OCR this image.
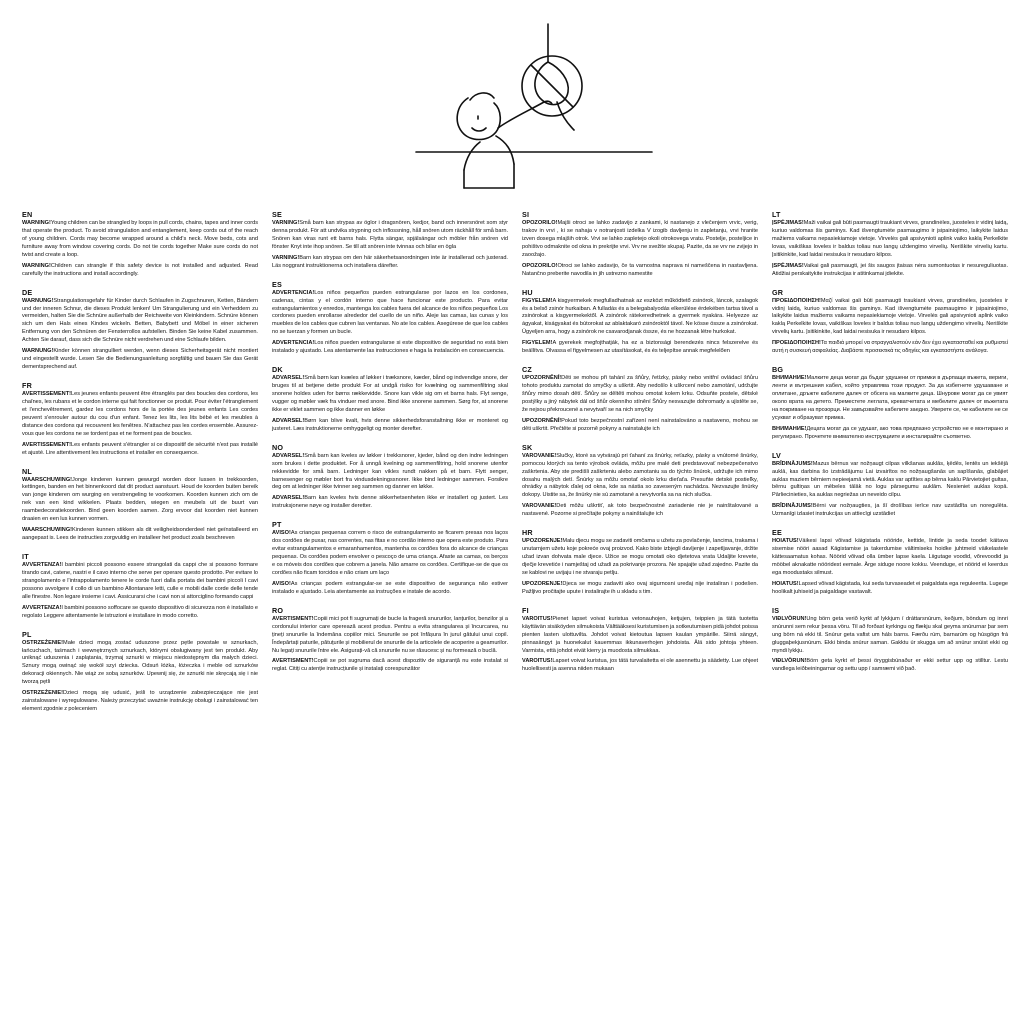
EN

WARNING!Young children can be strangled by loops in pull cords, chains, tapes and inner cords that operate the product. To avoid strangulation and entanglement, keep cords out of the reach of young children. Cords may become wrapped around a child's neck. Move beds, cots and furniture away from window covering cords. Do not tie cords together Make sure cords do not twist and create a loop.

WARNING!Children can strangle if this safety device is not installed and adjusted. Read carefully the instructions and install accordingly.

DE

WARNUNG!Strangulationsgefahr für Kinder durch Schlaufen in Zugschnuren, Ketten, Bändern und der inneren Schnur, die dieses Produkt lenken! Um Strangulierung und ein Verheddern zu vermeiden, halten Sie die Schnüre außerhalb der Reichweite von Kleinkindern. Schnüre können sich um den Hals eines Kindes wickeln. Betten, Babybett und Möbel in einer sicheren Entfernung von den Schnüren der Fensterrollos aufstellen. Binden Sie keine Kabel zusammen. Achten Sie darauf, dass sich die Schnüre nicht verdrehen und eine Schlaufe bilden.

WARNUNG!Kinder können strangulliert werden, wenn dieses Sicherheitsgerät nicht montiert und eingestellt wurde. Lesen Sie die Bedienungsanleitung sorgfältig und bauen Sie das Gerät dementsprechend auf.

FR

AVERTISSEMENT!Les jeunes enfants peuvent être étranglés par des boucles des cordons, les chaînes, les rubans et le cordon interne qui fait fonctionner ce produit. Pour éviter l'étranglement et l'enchevêtrement, gardez les cordons hors de la portée des jeunes enfants Les cordes peuvent s'enrouler autour du cou d'un enfant. Tenez les lits, les lits bébé et les meubles à distance des cordons qui recouvrent les fenêtres. N'attachez pas les cordes ensemble. Assurez-vous que les cordons ne se tordent pas et ne forment pas de boucles.

AVERTISSEMENT!Les enfants peuvent s'étrangler si ce dispositif de sécurité n'est pas installé et ajusté. Lire attentivement les instructions et installer en consequence.

NL

WAARSCHUWING!Jonge kinderen kunnen gewurgd worden door lussen in trekkoorden, kettingen, banden en het binnenkoord dat dit product aanstuurt. Houd de koorden buiten bereik van jonge kinderen om wurging en verstrengeling te voorkomen. Koorden kunnen zich om de nek van een kind wikkelen. Plaats bedden, wiegen en meubels uit de buurt van raambedecoratiekoorden. Bind geen koorden samen. Zorg ervoor dat koorden niet kunnen draaien en een lus kunnen vormen.

WAARSCHUWING!Kinderen kunnen stikken als dit veiligheidsonderdeel niet geïnstalleerd en aangepast is. Lees de instructies zorgvuldig en installeer het product zoals beschreven

IT

AVVERTENZA!I bambini piccoli possono essere strangolati da cappi che si possono formare tirando cavi, catene, nastri e il cavo interno che serve per operare questo prodotto. Per evitare lo strangolamento e l'intrappolamento tenere le corde fuori dalla portata dei bambini piccoli I cavi possono avvolgere il collo di un bambino Allontanare letti, culle e mobili dalle corde delle tende alle finestre. Non legare insieme i cavi. Assicurarsi che i cavi non si attorciglino formando cappi

AVVERTENZA!I bambini possono soffocare se questo dispositivo di sicurezza non è installato e regolato Leggere attentamente le istruzioni e installare in modo corretto.

PL

OSTRZEŻENIE!Małe dzieci mogą zostać uduszone przez pętle powstałe w sznurkach, łańcuchach, taśmach i wewnętrznych sznurkach, którymi obsługiwany jest ten produkt. Aby uniknąć uduszenia i zaplątania, trzymaj sznurki w miejscu niedostępnym dla małych dzieci. Sznury mogą owinąć się wokół szyi dziecka. Odsuń łóżka, łóżeczka i meble od sznurków dekoracji okiennych. Nie wiąż ze sobą sznurków. Upewnij się, że sznurki nie skręcają się i nie tworzą pętli

OSTRZEŻENIE!Dzieci mogą się udusić, jeśli to urządzenie zabezpieczające nie jest zainstalowane i wyregulowane. Należy przeczytać uważnie instrukcję obsługi i zainstalować ten element zgodnie z poleceniem

SE

VARNING!Små barn kan strypas av öglor i dragsnören, kedjor, band och innersnöret som styr denna produkt. För att undvika strypning och inflossning, håll snören utom räckhåll för små barn. Snören kan viras runt ett barns hals. Flytta sängar, spjälsängar och möbler från snören vid fönster Knyt inte ihop snören. Se till att snören inte tvinnas och bilar en ögla

VARNING!Barn kan strypas om den här säkerhetsanordningen inte är installerad och justerad. Läs noggrant instruktionerna och installera därefter.

ES

ADVERTENCIA!Los niños pequeños pueden estrangularse por lazos en los cordones, cadenas, cintas y el cordón interno que hace funcionar este producto. Para evitar estrangulamientos y enredos, mantenga los cables fuera del alcance de los niños pequeños Los cordones pueden enrollarse alrededor del cuello de un niño. Aleje las camas, las cunas y los muebles de los cables que cubren las ventanas. No ate los cables. Asegúrese de que los cables no se tuerzan y formen un bucle.

ADVERTENCIA!Los niños pueden estrangularse si este dispositivo de seguridad no está bien instalado y ajustado. Lea atentamente las instrucciones e haga la instalación en consecuencia.

DK

ADVARSEL!Små børn kan kvæles af løkker i træksnore, kæder, bånd og indvendige snore, der bruges til at betjene dette produkt For at undgå risiko for kvælning og sammenfiltring skal snorene holdes uden for børns rækkevidde. Snore kan vikle sig om et barns hals. Flyt senge, vugger og møbler væk fra vinduer med snore. Bind ikke snorene sammen. Sørg for, at snorene ikke er viklet sammen og ikke danner en løkke

ADVARSEL!Børn kan blive kvalt, hvis denne sikkerhedsforanstaltning ikke er monteret og justeret. Læs instruktionerne omhyggeligt og monter derefter.

NO

ADVARSEL!Små barn kan kveles av løkker i trekksnorer, kjeder, bånd og den indre ledningen som brukes i dette produktet. For å unngå kvelning og sammenfiltring, hold snorene utenfor rekkevidde for små barn. Ledninger kan vikles rundt nakken på et barn. Flytt senger, barnesenger og møbler bort fra vindusdekningssnorer. Ikke bind ledninger sammen. Forsikre deg om at ledninger ikke tvinner seg sammen og danner en løkke.

ADVARSEL!Barn kan kveles hvis denne sikkerhetsenheten ikke er installert og justert. Les instruksjonene nøye og installer deretter.

PT

AVISO!As crianças pequenas correm o risco de estrangulamento se ficarem presas nos laços dos cordões de puxar, nas correntes, nas fitas e no cordão interno que opera este produto. Para evitar estrangulamentos e emaranhamentos, mantenha os cordões fora do alcance de crianças pequenas. Os cordões podem envolver o pescoço de uma criança. Afaste as camas, os berços e os móveis dos cordões que cobrem a janela. Não amarre os cordões. Certifique-se de que os cordões não ficam torcidos e não criam um laço

AVISO!As crianças podem estrangular-se se este dispositivo de segurança não estiver instalado e ajustado. Leia atentamente as instruções e instale de acordo.

RO

AVERTISMENT!Copiii mici pot fi sugrumați de bucle la frageră snururilor, lanțurilor, benzilor și a cordonului interior care operează acest produs. Pentru a evita strangularea și încurcarea, nu țineți snururile la îndemâna copiilor mici. Snururile se pot înfășura în jurul gâtului unui copil. Îndepărtați paturile, pătuțurile și mobilierul de snururile de la articolele de acoperire a geamurilor. Nu legați snururile între ele. Asigurați-vă că snururile nu se răsucesc și nu formează o buclă.

AVERTISMENT!Copiii se pot sugruma dacă acest dispozitiv de siguranță nu este instalat si reglat. Citiți cu atenție instrucțiunile și instalați corespunzător

SI

OPOZORILO!Majši otroci se lahko zadavijo z zankami, ki nastanejo z vlečenjem vrvic, verig, trakov in vrvi , ki se nahaja v notranjosti izdelka V izogib davljenju in zapletanju, vrvi hranite izven dosega mlajših otrok. Vrvi se lahko zapletejo okoli otrokovega vratu. Postelje, posteljice in pohištvo odmaknite od okna in prekrijte vrvi. Vrv ne svežite skupaj. Pazite, da se vrv ne zvijejo in zaoožajo.

OPOZORILO!Otroci se lahko zadavijo, če ta varnostna naprava ni nameščena in nastavljena. Natančno preberite navodila in jih ustrezno namestite

HU

FIGYELEM!A kisgyermekek megfulladhatnak az eszközt működtető zsinórok, láncok, szalagok és a belső zsinór hurkaiban. A fulladás és a belegabalyodás elkerülése érdekében tartsa távol a zsinórokat a kisgyermekektől. A zsinórok rátekeredhetnek a gyermek nyakára. Helyezze az ágyakat, kiságyakat és bútorokat az ablaktakaró zsinóroktól távol. Ne kösse össze a zsinórokat. Ügyeljen arra, hogy a zsinórok ne csavarodjanak össze, és ne hozzanak létre hurkokat.

FIGYELEM!A gyerekek megfojthatják, ha ez a biztonsági berendezés nincs felszerelve és beállítva. Olvassa el figyelmesen az utasításokat, és és teljepítse annak megfelelően

CZ

UPOZORNĚNÍ!Děti se mohou při tahání za šňůry, řetízky, pásky nebo vnitřní ovládací šňůru tohoto produktu zamotat do smyčky a uškrtit. Aby nedošlo k uškrcení nebo zamotání, udržujte šňůry mimo dosah dětí. Šňůry se děltěti mohou omotat kolem krku. Odsuňte postele, dětské postýlky a jiný nábytek dál od šňůr okenního stínění Šňůry nesvazujte dohromady a ujistěte se, že nejsou překroucené a nevytvaří se na nich smyčky

UPOZORNĚNÍ!Pokud toto bezpečnostní zařízení není nainstalováno a nastaveno, mohou se děti uškrtit. Přečtěte si pozorně pokyny a nainstalujte ich

SK

VAROVANIE!Slučky, ktoré sa vytvárajú pri ťahaní za šnúrky, reťazky, pásky a vnútorné šnúrky, pomocou ktorých sa tento výrobok ovláda, môžu pre malé deti predstavovať nebezpečenstvo zaškrtenia. Aby ste predišli zaškrteniu alebo zamotaniu sa do týchto šnúrok, udržujte ich mimo dosahu malých detí. Šnúrky sa môžu omotať okolo krku dieťaťa. Presuňte detské postieľky, ohrádky a nábytok ďalej od okna, kde sa nástia so zaveseným nachádza. Nezvazujte šnúrky dokopy. Uistite sa, že šnúrky nie sú zamotané a nevytvorila sa na nich slučka.

VAROVANIE!Deti môžu uškrtiť, ak toto bezpečnostné zariadenie nie je nainštalované a nastavené. Pozorne si prečítajte pokyny a nainštalujte ich

HR

UPOZORENJE!Malu djecu mogu se zadaviti omčama u užetu za povlačenje, lancima, trakama i unutarnjem užetu koje pokreće ovaj proizvod. Kako biste izbjegli davljenje i zapetljavanje, držite užad izvan dohvata male djece. Užice se mogu omotati oko djetetova vrata Udaljite krevete, dječje krevetiće i namještaj od užadi za pokrivanje prozora. Ne spajajte užad zajedno. Pazite da se kablovi ne uvijaju i ne stvaraju petlju.

UPOZORENJE!Djeca se mogu zadaviti ako ovaj sigurnosni uređaj nije instaliran i podešen. Pažljivo pročitajte upute i instalirajte ih u skladu s tim.

FI

VAROITUS!Pienet lapset voivat kuristua vetonauhojen, ketjujen, teippien ja tätä tuotetta käyttävän sisäköyden silmukoista Välttääksesi kuristumisen ja sotkeutumisen pidä johdot poissa pienten lasten ulottuvilta. Johdot voivat kietoutua lapsen kaulan ympärille. Siirrä sängyt, pinnasängyt ja huonekalut kauemmas ikkunaverhojen johdoista. Älä sido johtoja yhteen. Varmista, että johdot eivät kierry ja muodosta silmukkaa.

VAROITUS!Lapset voivat kuristua, jos tätä turvalaitetta ei ole asennettu ja säädetty. Lue ohjeet huolellisesti ja asenna niiden mukaan

LT

ĮSPĖJIMAS!Maži vaikai gali būti pasmaugti traukiant virves, grandinėles, juosteles ir vidinį laidą, kuriuo valdomas šis gaminys. Kad išvengtumėte pasmaugimo ir įsipainiojimo, laikykite laidus mažiems vaikams nepasiekiamoje vietoje. Virvelės gali apsivynioti aplink vaiko kaklą Perkelkite lovas, vaikiškas loveles ir baldus toliau nuo langų uždengimo virvelių. Neriškite virvelių kartu. Įsitikinkite, kad laidai nesisuka ir nesudaro kilpos.

ĮSPĖJIMAS!Vaikai gali pasmaugti, jei šis saugos įtaisas nėra sumontuotas ir nesureguliuotas. Atidžiai perskaitykite instrukcijas ir atitinkamai įdiekite.

GR

ΠΡΟΕΙΔΟΠΟΙΗΣΗ!Μαζί vaikai gali būti pasmaugti traukiant virves, grandinėles, juosteles ir vidinį laidą, kuriuo valdomas šis gaminys. Kad išvengtumėte pasmaugimo ir įsipainiojimo, laikykite laidus mažiems vaikams nepasiekiamoje vietoje. Virvelės gali apsivynioti aplink vaiko kaklą Perkelkite lovas, vaikiškas loveles ir baldus toliau nuo langų uždengimo virvelių. Neriškite virvelių kartu. Įsitikinkite, kad laidai nesisuka ir nesudaro kilpos.

ΠΡΟΕΙΔΟΠΟΙΗΣΗ!Τα παιδιά μπορεί να στραγγαλιστούν εάν δεν έχει εγκατασταθεί και ρυθμιστεί αυτή η συσκευή ασφαλείας. Διαβάστε προσεκτικά τις οδηγίες και εγκαταστήστε ανάλογα.

BG

ВНИМАНИЕ!Малките деца могат да бъдат удушени от примки в дърпащи въжета, вериги, ленти и вътрешния кабел, който управлява този продукт. За да избегнете удушаване и оплитане, дръжте кабелите далеч от обсега на малките деца. Шнурове могат да се увият около врата на детето. Преместете леглата, креватчетата и мебелите далеч от въжетата на покриване на прозорци. Не завързвайте кабелите заедно. Уверете се, че кабелите не се усукват и образуват примка.

ВНИМАНИЕ!Децата могат да се удушат, ако това предпазно устройство не е монтирано и регулирано. Прочетете внимателно инструкциите и инсталирайте съответно.

LV

BRĪDINĀJUMS!Mazus bērnus var nožņaugt cilpas vilkšanas auklās, ķēdēs, lentēs un iekšējā auklā, kas darbina šo izstrādājumu Lai izvairītos no nožņaugšanās un sapīšanās, glabājiet auklas maziem bērniem nepieejamā vietā. Auklas var aptīties ap bērna kaklu Pārvietojiet gultas, bērnu gultiņas un mēbeles tālāk no logu pārsegumu auklām. Nesieniet auklas kopā. Pārliecinieties, ka auklas negriežas un neveido cilpu.

BRĪDINĀJUMS!Bērni var nožņaugties, ja šī drošības ierīce nav uzstādīta un noregulēta. Uzmanīgi izlasiet instrukcijas un attiecīgi uzstādiet

EE

HOIATUS!Väikesi lapsi võivad käigistada nööride, kettide, lintide ja seda toodet käitava sisemise nööri aasad Kägistamise ja takerdumise vältimiseks hoidke juhtmeid väikelastele kättesaamatus kohas. Nöörid võivad olla ümber lapse kaela. Liigutage voodid, võrevoodid ja mööbel aknakatte nööridest eemale. Ärge siduge noore kokku. Veenduge, et nöörid ei keerdus ega moodustaks silmust.

HOIATUS!Lapsed võivad kägistada, kui seda turvaseadet ei paigaldata ega reguleerita. Lugege hoolikalt juhiseid ja paigaldage vastavalt.

IS

VIÐLVÖRUN!Ung börn geta verið kyrkt af lykkjum í dráttarsnúrum, keðjum, böndum og innri snúrunni sem rekur þessa vöru. Til að forðast kyrkingu og flækju skal geyma snúrurnar þar sem ung börn ná ekki til. Snúrur geta vafist um háls barns. Færðu rúm, barnarúm og húsgögn frá gluggaþekjusnúrum. Ekki binda snúrur saman. Gakktu úr skugga um að snúrur snúist ekki og myndi lykkju.

VIÐLVÖRUN!Börn geta kyrkt ef þessi öryggisbúnaður er ekki settur upp og stilltur. Lestu vandlega leiðbeiningarnar og settu upp í samræmi við það.
